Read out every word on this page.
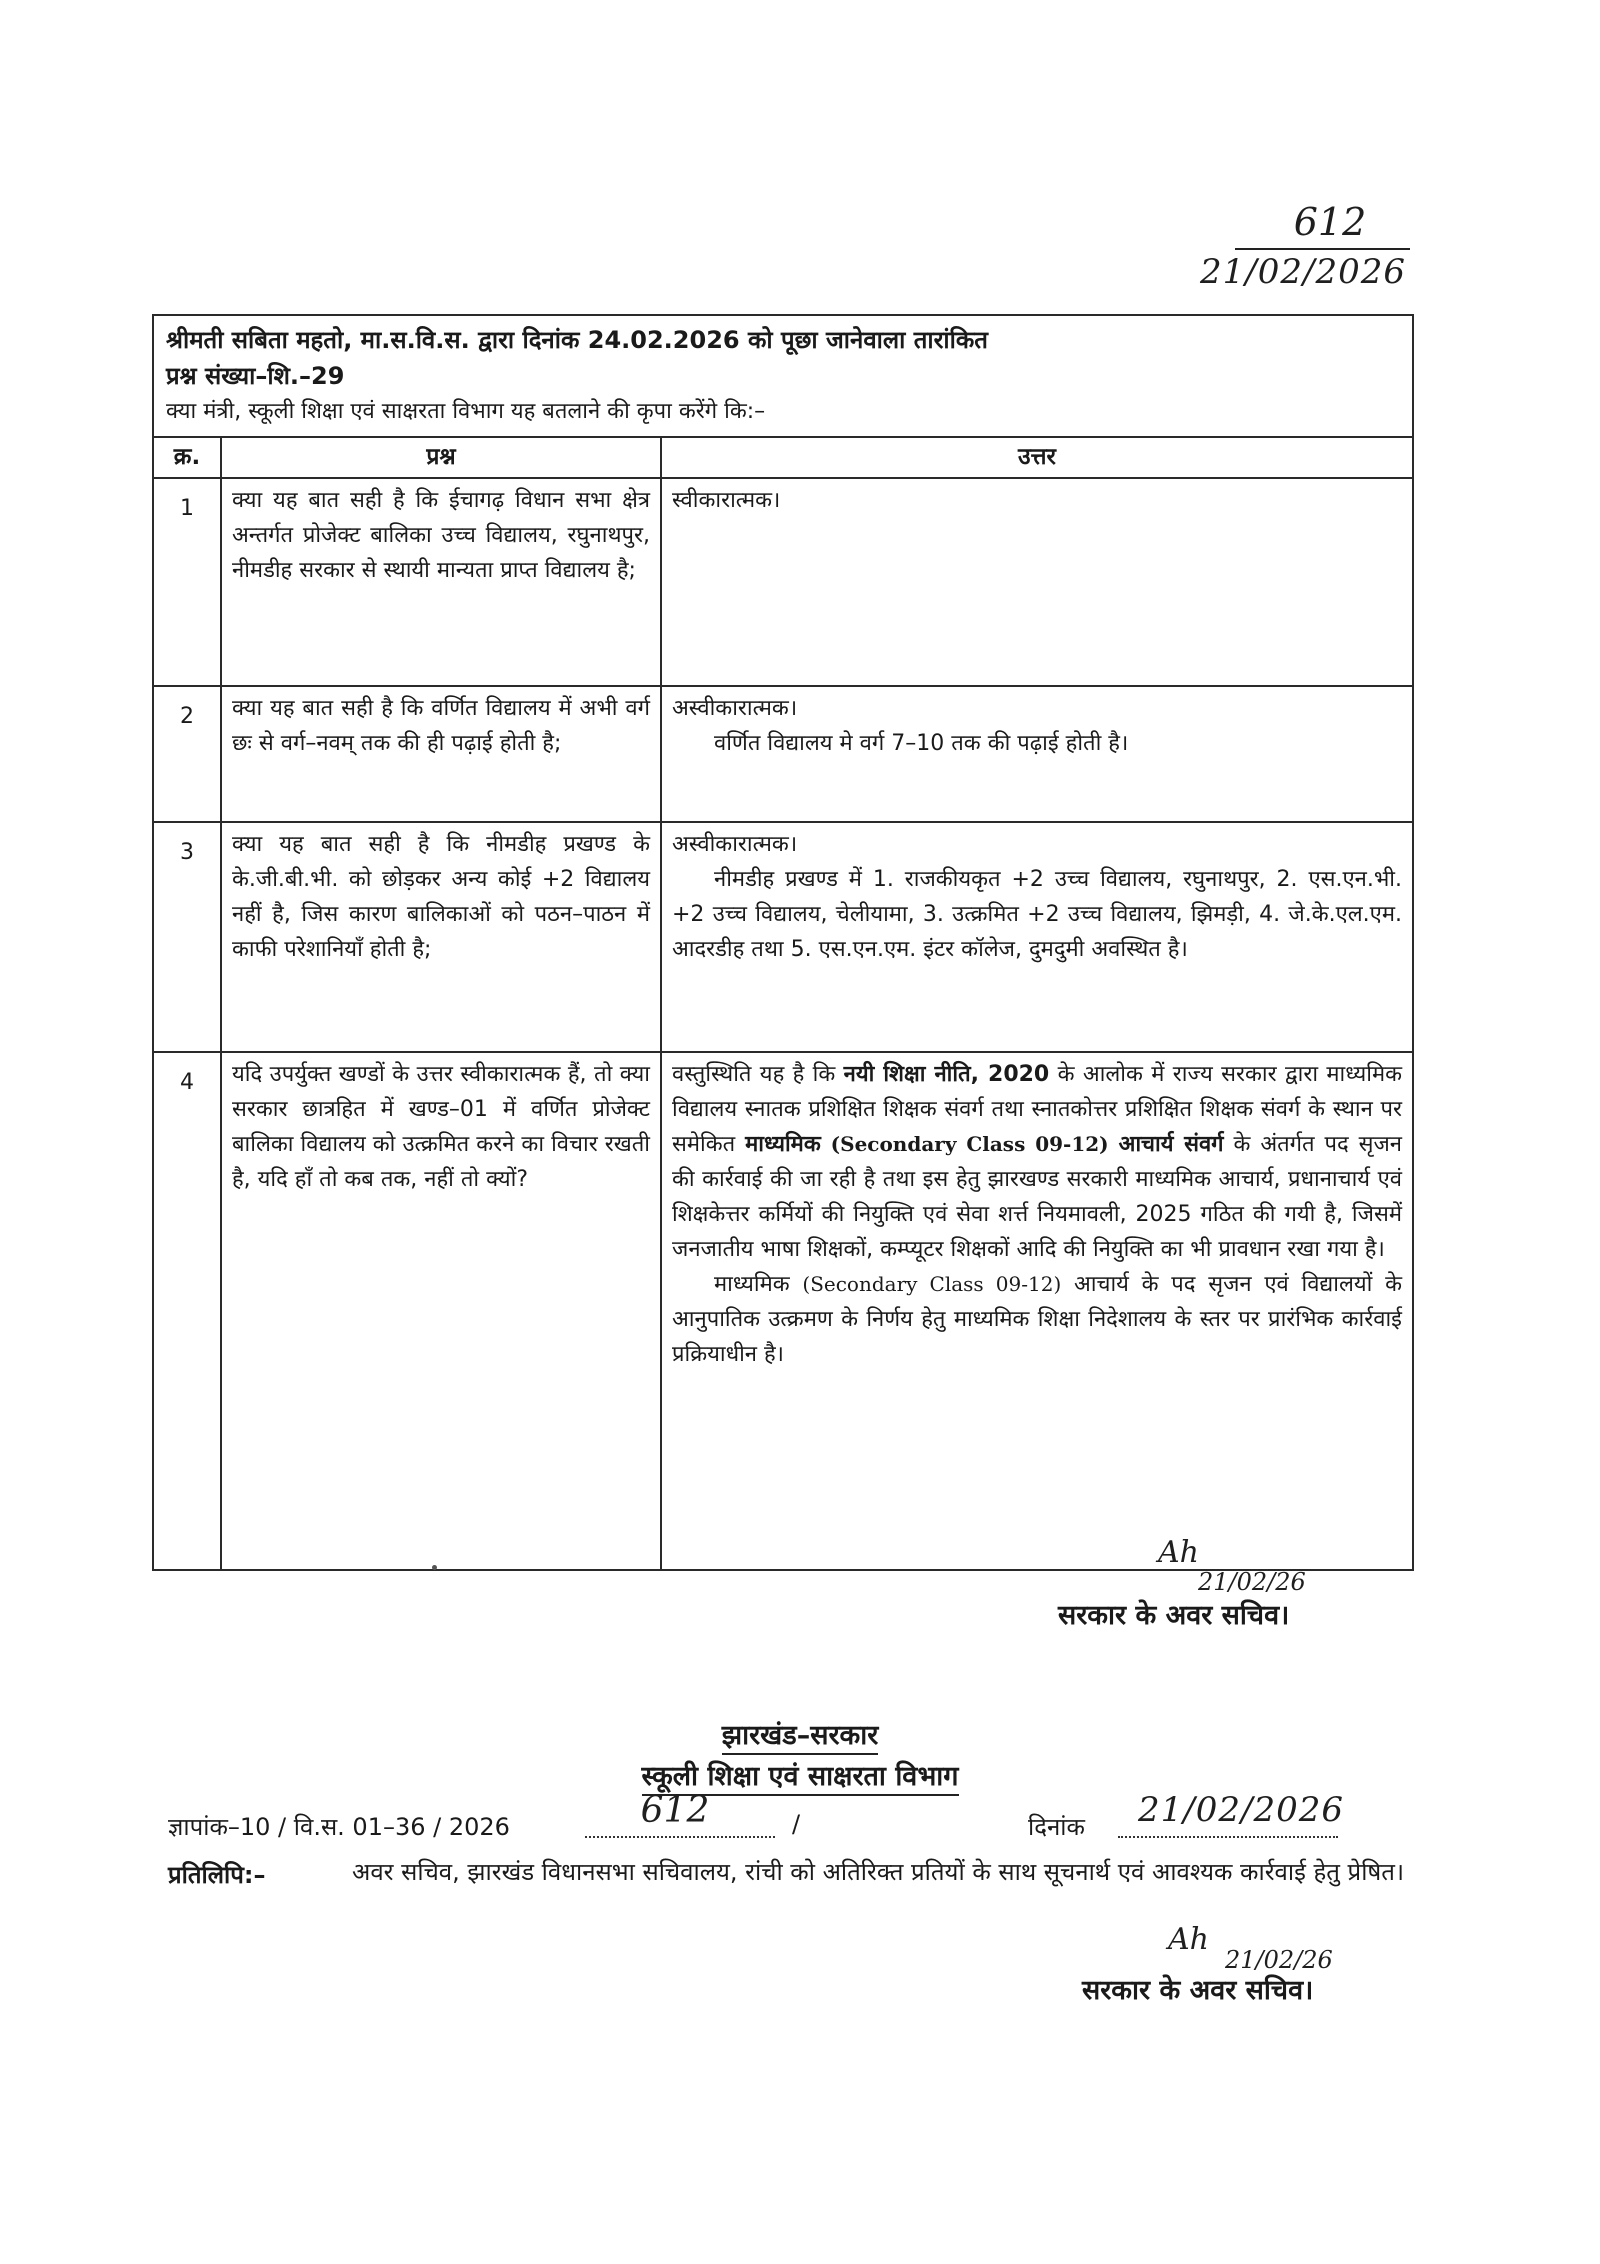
612
21/02/2026
श्रीमती सबिता महतो, मा.स.वि.स. द्वारा दिनांक 24.02.2026 को पूछा जानेवाला तारांकित
प्रश्न संख्या–शि.–29
क्या मंत्री, स्कूली शिक्षा एवं साक्षरता विभाग यह बतलाने की कृपा करेंगे कि:–		

क्र.	प्रश्न	उत्तर
1	क्या यह बात सही है कि ईचागढ़ विधान सभा क्षेत्र अन्तर्गत प्रोजेक्ट बालिका उच्च विद्यालय, रघुनाथपुर, नीमडीह सरकार से स्थायी मान्यता प्राप्त विद्यालय है;	स्वीकारात्मक।
2	क्या यह बात सही है कि वर्णित विद्यालय में अभी वर्ग छः से वर्ग–नवम् तक की ही पढ़ाई होती है;	अस्वीकारात्मक।
वर्णित विद्यालय मे वर्ग 7–10 तक की पढ़ाई होती है।

3	क्या यह बात सही है कि नीमडीह प्रखण्ड के के.जी.बी.भी. को छोड़कर अन्य कोई +2 विद्यालय नहीं है, जिस कारण बालिकाओं को पठन–पाठन में काफी परेशानियाँ होती है;	अस्वीकारात्मक।
नीमडीह प्रखण्ड में 1. राजकीयकृत +2 उच्च विद्यालय, रघुनाथपुर, 2. एस.एन.भी. +2 उच्च विद्यालय, चेलीयामा, 3. उत्क्रमित +2 उच्च विद्यालय, झिमड़ी, 4. जे.के.एल.एम. आदरडीह तथा 5. एस.एन.एम. इंटर कॉलेज, दुमदुमी अवस्थित है।

4	यदि उपर्युक्त खण्डों के उत्तर स्वीकारात्मक हैं, तो क्या सरकार छात्रहित में खण्ड–01 में वर्णित प्रोजेक्ट बालिका विद्यालय को उत्क्रमित करने का विचार रखती है, यदि हाँ तो कब तक, नहीं तो क्यों?	वस्तुस्थिति यह है कि नयी शिक्षा नीति, 2020 के आलोक में राज्य सरकार द्वारा माध्यमिक विद्यालय स्नातक प्रशिक्षित शिक्षक संवर्ग तथा स्नातकोत्तर प्रशिक्षित शिक्षक संवर्ग के स्थान पर समेकित माध्यमिक (Secondary Class 09-12) आचार्य संवर्ग के अंतर्गत पद सृजन की कार्रवाई की जा रही है तथा इस हेतु झारखण्ड सरकारी माध्यमिक आचार्य, प्रधानाचार्य एवं शिक्षकेत्तर कर्मियों की नियुक्ति एवं सेवा शर्त्त नियमावली, 2025 गठित की गयी है, जिसमें जनजातीय भाषा शिक्षकों, कम्प्यूटर शिक्षकों आदि की नियुक्ति का भी प्रावधान रखा गया है।
माध्यमिक (Secondary Class 09-12) आचार्य के पद सृजन एवं विद्यालयों के आनुपातिक उत्क्रमण के निर्णय हेतु माध्यमिक शिक्षा निदेशालय के स्तर पर प्रारंभिक कार्रवाई प्रक्रियाधीन है।
Ah
21/02/26
सरकार के अवर सचिव।
झारखंड–सरकार
स्कूली शिक्षा एवं साक्षरता विभाग
ज्ञापांक–10 / वि.स. 01–36 / 2026	612	/	दिनांक 21/02/2026
प्रतिलिपि:–	अवर सचिव, झारखंड विधानसभा सचिवालय, रांची को अतिरिक्त प्रतियों के साथ सूचनार्थ एवं आवश्यक कार्रवाई हेतु प्रेषित।
Ah
21/02/26
सरकार के अवर सचिव।
